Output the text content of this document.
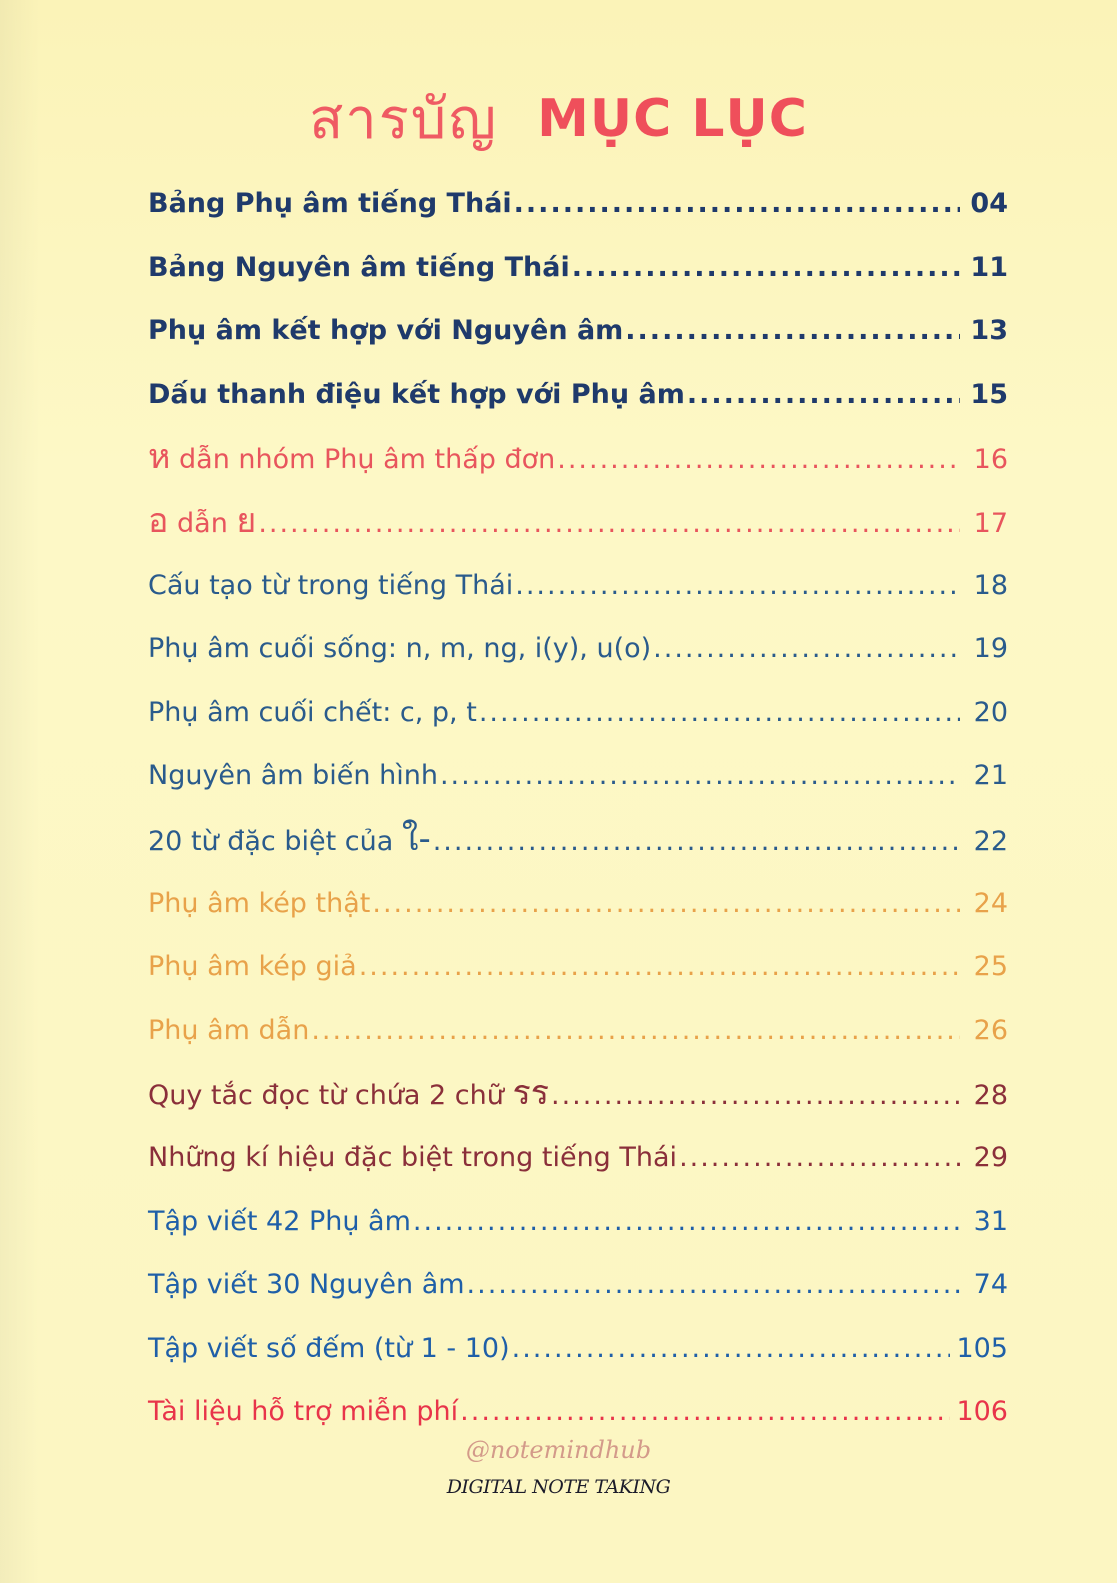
สารบัญ MỤC LỤC
Bảng Phụ âm tiếng Thái .....	04
Bảng Nguyên âm tiếng Thái .....	11
Phụ âm kết hợp với Nguyên âm .....	13
Dấu thanh điệu kết hợp với Phụ âm .....	15
ห dẫn nhóm Phụ âm thấp đơn .....	16
อ dẫn ย .....	17
Cấu tạo từ trong tiếng Thái .....	18
Phụ âm cuối sống: n, m, ng, i(y), u(o) .....	19
Phụ âm cuối chết: c, p, t .....	20
Nguyên âm biến hình .....	21
20 từ đặc biệt của ใ- .....	22
Phụ âm kép thật .....	24
Phụ âm kép giả .....	25
Phụ âm dẫn .....	26
Quy tắc đọc từ chứa 2 chữ รร .....	28
Những kí hiệu đặc biệt trong tiếng Thái .....	29
Tập viết 42 Phụ âm .....	31
Tập viết 30 Nguyên âm .....	74
Tập viết số đếm (từ 1 - 10) .....	105
Tài liệu hỗ trợ miễn phí .....	106
@notemindhub
DIGITAL NOTE TAKING
